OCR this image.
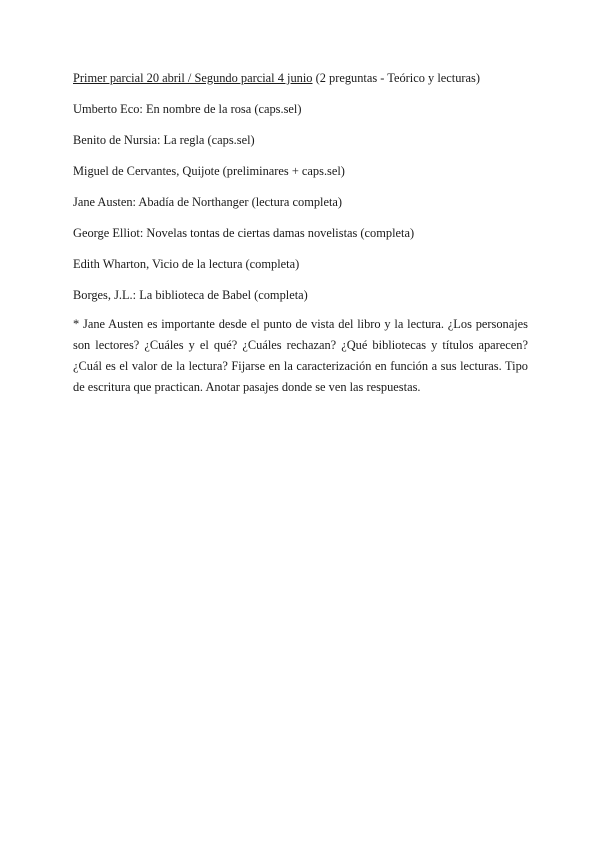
Primer parcial 20 abril / Segundo parcial 4 junio (2 preguntas - Teórico y lecturas)

Umberto Eco: En nombre de la rosa (caps.sel)

Benito de Nursia: La regla (caps.sel)

Miguel de Cervantes, Quijote (preliminares + caps.sel)

Jane Austen: Abadía de Northanger (lectura completa)

George Elliot: Novelas tontas de ciertas damas novelistas (completa)

Edith Wharton, Vicio de la lectura (completa)

Borges, J.L.: La biblioteca de Babel (completa)

* Jane Austen es importante desde el punto de vista del libro y la lectura. ¿Los personajes son lectores? ¿Cuáles y el qué? ¿Cuáles rechazan? ¿Qué bibliotecas y títulos aparecen? ¿Cuál es el valor de la lectura? Fijarse en la caracterización en función a sus lecturas. Tipo de escritura que practican. Anotar pasajes donde se ven las respuestas.
